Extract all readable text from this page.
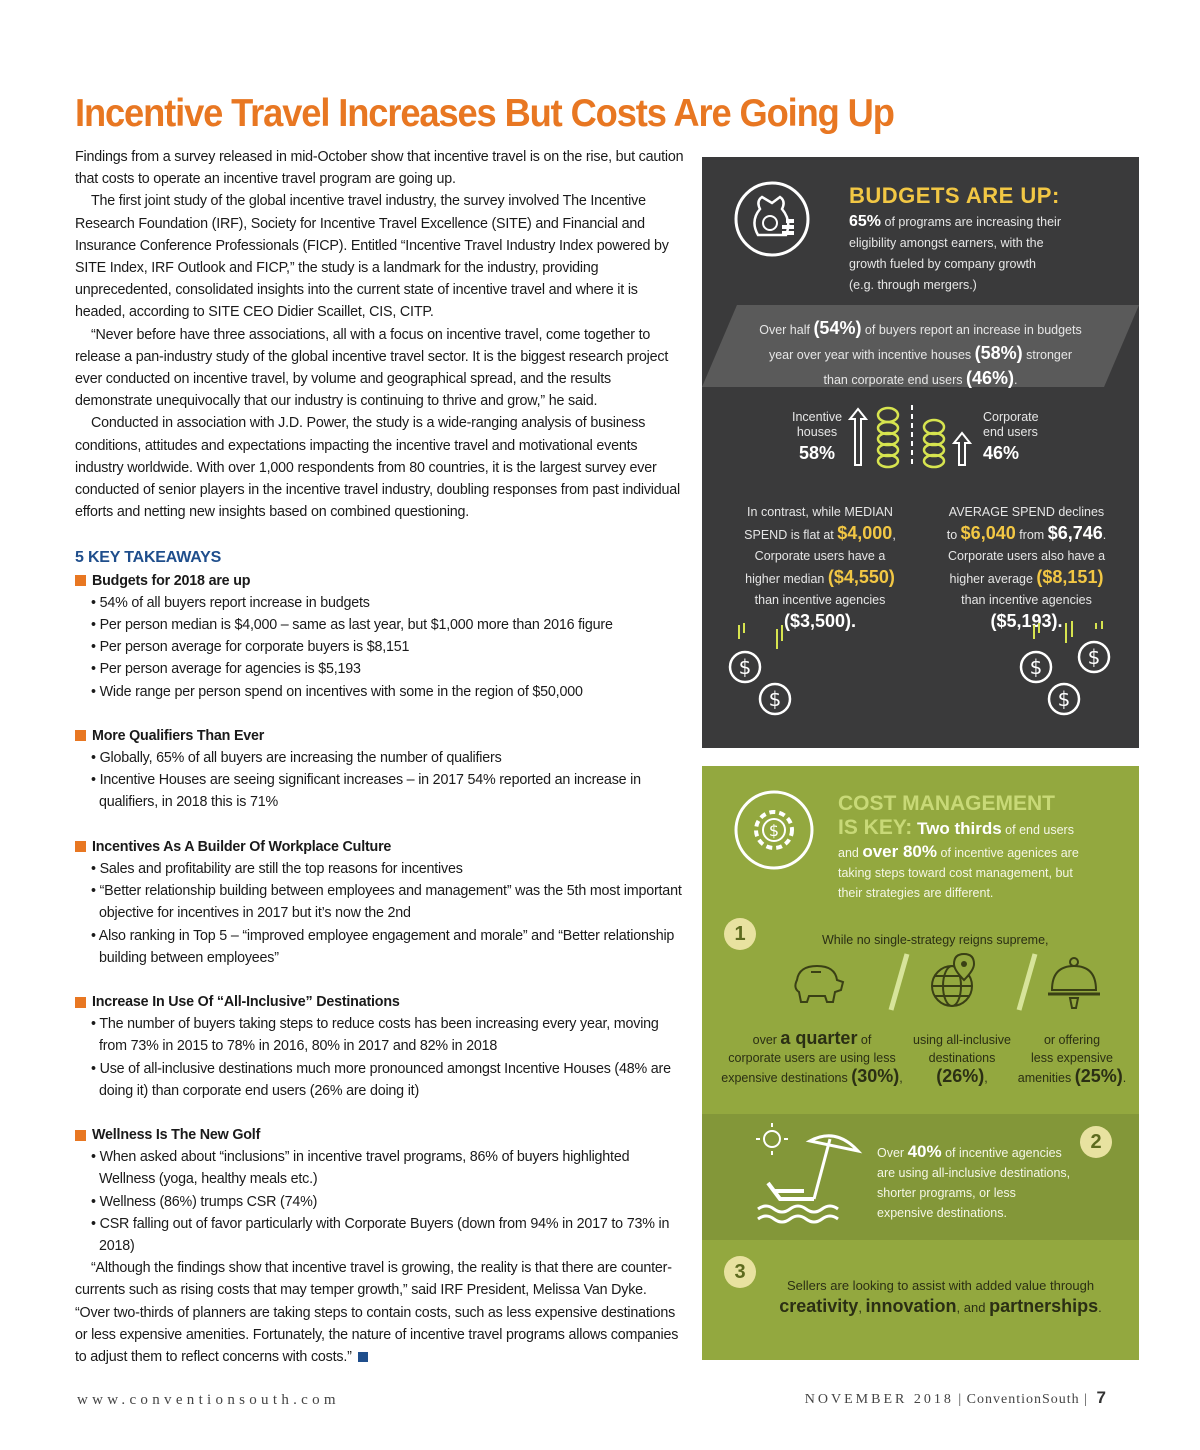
Incentive Travel Increases But Costs Are Going Up

Findings from a survey released in mid-October show that incentive travel is on the rise, but caution that costs to operate an incentive travel program are going up.

The first joint study of the global incentive travel industry, the survey involved The Incentive Research Foundation (IRF), Society for Incentive Travel Excellence (SITE) and Financial and Insurance Conference Professionals (FICP). Entitled “Incentive Travel Industry Index powered by SITE Index, IRF Outlook and FICP,” the study is a landmark for the industry, providing unprecedented, consolidated insights into the current state of incentive travel and where it is headed, according to SITE CEO Didier Scaillet, CIS, CITP.

“Never before have three associations, all with a focus on incentive travel, come together to release a pan-industry study of the global incentive travel sector. It is the biggest research project ever conducted on incentive travel, by volume and geographical spread, and the results demonstrate unequivocally that our industry is continuing to thrive and grow,” he said.

Conducted in association with J.D. Power, the study is a wide-ranging analysis of business conditions, attitudes and expectations impacting the incentive travel and motivational events industry worldwide. With over 1,000 respondents from 80 countries, it is the largest survey ever conducted of senior players in the incentive travel industry, doubling responses from past individual efforts and netting new insights based on combined questioning.

5 KEY TAKEAWAYS
Budgets for 2018 are up
• 54% of all buyers report increase in budgets
• Per person median is $4,000 – same as last year, but $1,000 more than 2016 figure
• Per person average for corporate buyers is $8,151
• Per person average for agencies is $5,193
• Wide range per person spend on incentives with some in the region of $50,000
More Qualifiers Than Ever
• Globally, 65% of all buyers are increasing the number of qualifiers
• Incentive Houses are seeing significant increases – in 2017 54% reported an increase in qualifiers, in 2018 this is 71%
Incentives As A Builder Of Workplace Culture
• Sales and profitability are still the top reasons for incentives
• “Better relationship building between employees and management” was the 5th most important objective for incentives in 2017 but it’s now the 2nd
• Also ranking in Top 5 – “improved employee engagement and morale” and “Better relationship building between employees”
Increase In Use Of “All-Inclusive” Destinations
• The number of buyers taking steps to reduce costs has been increasing every year, moving from 73% in 2015 to 78% in 2016, 80% in 2017 and 82% in 2018
• Use of all-inclusive destinations much more pronounced amongst Incentive Houses (48% are doing it) than corporate end users (26% are doing it)
Wellness Is The New Golf
• When asked about “inclusions” in incentive travel programs, 86% of buyers highlighted Wellness (yoga, healthy meals etc.)
• Wellness (86%) trumps CSR (74%)
• CSR falling out of favor particularly with Corporate Buyers (down from 94% in 2017 to 73% in 2018)

“Although the findings show that incentive travel is growing, the reality is that there are counter-currents such as rising costs that may temper growth,” said IRF President, Melissa Van Dyke. “Over two-thirds of planners are taking steps to contain costs, such as less expensive destinations or less expensive amenities. Fortunately, the nature of incentive travel programs allows companies to adjust them to reflect concerns with costs.”

BUDGETS ARE UP:
65% of programs are increasing their
eligibility amongst earners, with the
growth fueled by company growth
(e.g. through mergers.)
Over half (54%) of buyers report an increase in budgets
year over year with incentive houses (58%) stronger
than corporate end users (46%).
Incentive
houses
58%
Corporate
end users
46%
In contrast, while MEDIAN
SPEND is flat at $4,000,
Corporate users have a
higher median ($4,550)
than incentive agencies
($3,500).
AVERAGE SPEND declines
to $6,040 from $6,746.
Corporate users also have a
higher average ($8,151)
than incentive agencies
($5,193).
$
$
$ $
$
$
COST MANAGEMENT
IS KEY: Two thirds of end users
and over 80% of incentive agenices are
taking steps toward cost management, but
their strategies are different.
1	While no single-strategy reigns supreme,
over a quarter of
corporate users are using less
expensive destinations (30%),
using all-inclusive
destinations
(26%),
or offering
less expensive
amenities (25%).
Over 40% of incentive agencies
are using all-inclusive destinations,
shorter programs, or less
expensive destinations.
2
3
Sellers are looking to assist with added value through
creativity, innovation, and partnerships.
www.conventionsouth.com	NOVEMBER 2018 | ConventionSouth | 7
